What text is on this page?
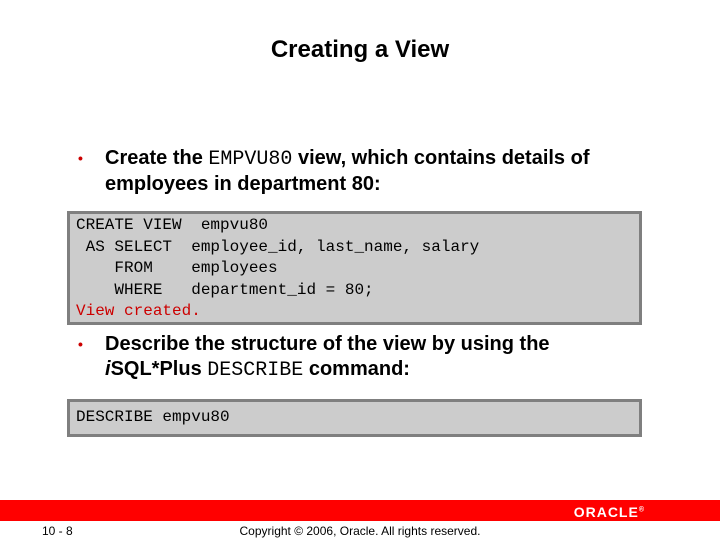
Creating a View
• Create the EMPVU80 view, which contains details of employees in department 80:
CREATE VIEW  empvu80
AS SELECT  employee_id, last_name, salary
FROM    employees
WHERE   department_id = 80;
View created.
• Describe the structure of the view by using the
iSQL*Plus DESCRIBE command:
DESCRIBE empvu80
ORACLE®
10 - 8	Copyright © 2006, Oracle. All rights reserved.
